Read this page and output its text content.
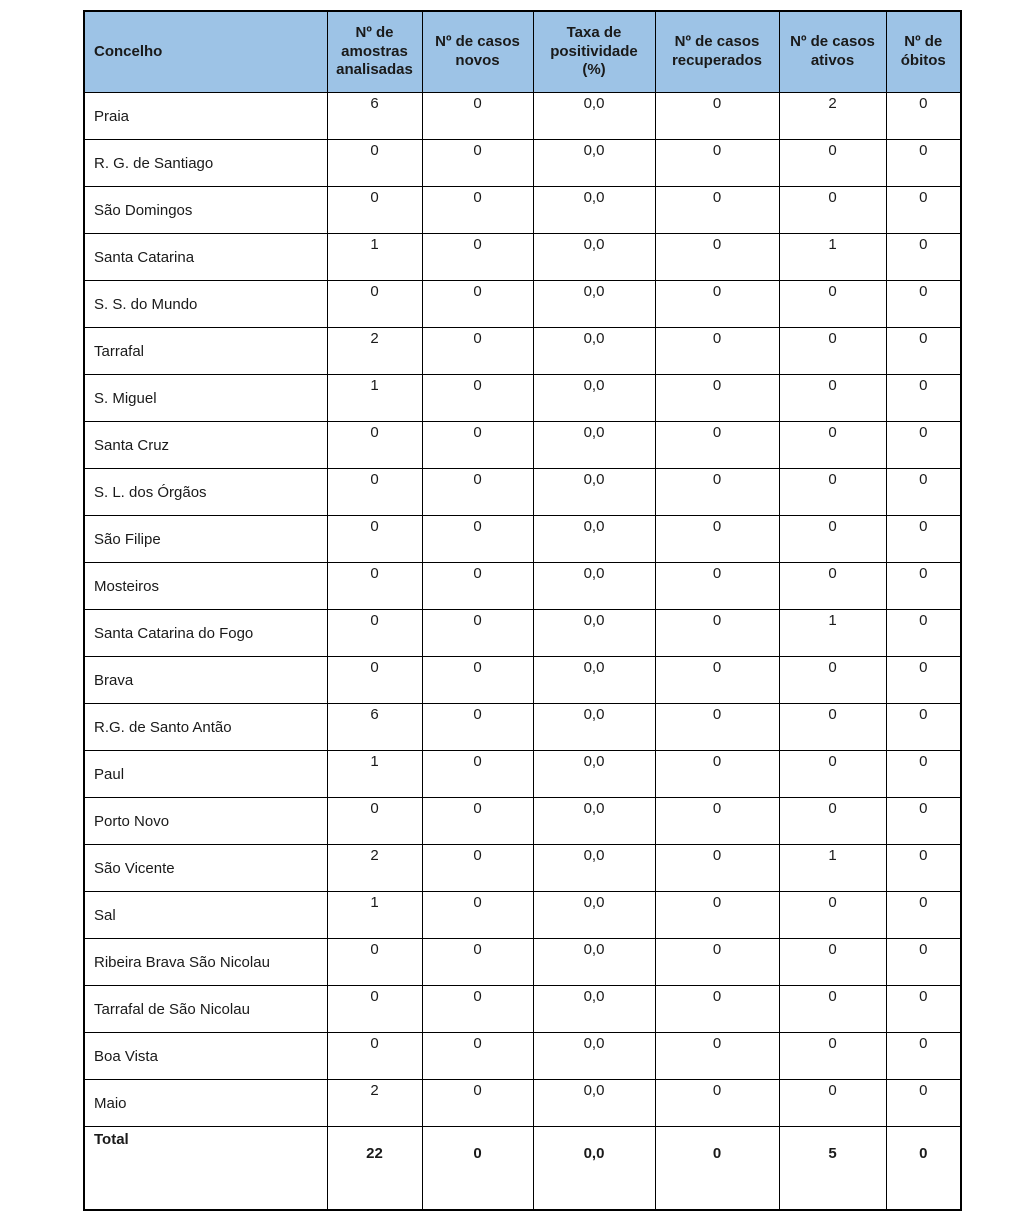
Concelho	Nº de amostras analisadas	Nº de casos novos	Taxa de positividade (%)	Nº de casos recuperados	Nº de casos ativos	Nº de óbitos
Praia	6	0	0,0	0	2	0
R. G. de Santiago	0	0	0,0	0	0	0
São Domingos	0	0	0,0	0	0	0
Santa Catarina	1	0	0,0	0	1	0
S. S. do Mundo	0	0	0,0	0	0	0
Tarrafal	2	0	0,0	0	0	0
S. Miguel	1	0	0,0	0	0	0
Santa Cruz	0	0	0,0	0	0	0
S. L. dos Órgãos	0	0	0,0	0	0	0
São Filipe	0	0	0,0	0	0	0
Mosteiros	0	0	0,0	0	0	0
Santa Catarina do Fogo	0	0	0,0	0	1	0
Brava	0	0	0,0	0	0	0
R.G. de Santo Antão	6	0	0,0	0	0	0
Paul	1	0	0,0	0	0	0
Porto Novo	0	0	0,0	0	0	0
São Vicente	2	0	0,0	0	1	0
Sal	1	0	0,0	0	0	0
Ribeira Brava São Nicolau	0	0	0,0	0	0	0
Tarrafal de São Nicolau	0	0	0,0	0	0	0
Boa Vista	0	0	0,0	0	0	0
Maio	2	0	0,0	0	0	0
Total	22	0	0,0	0	5	0
